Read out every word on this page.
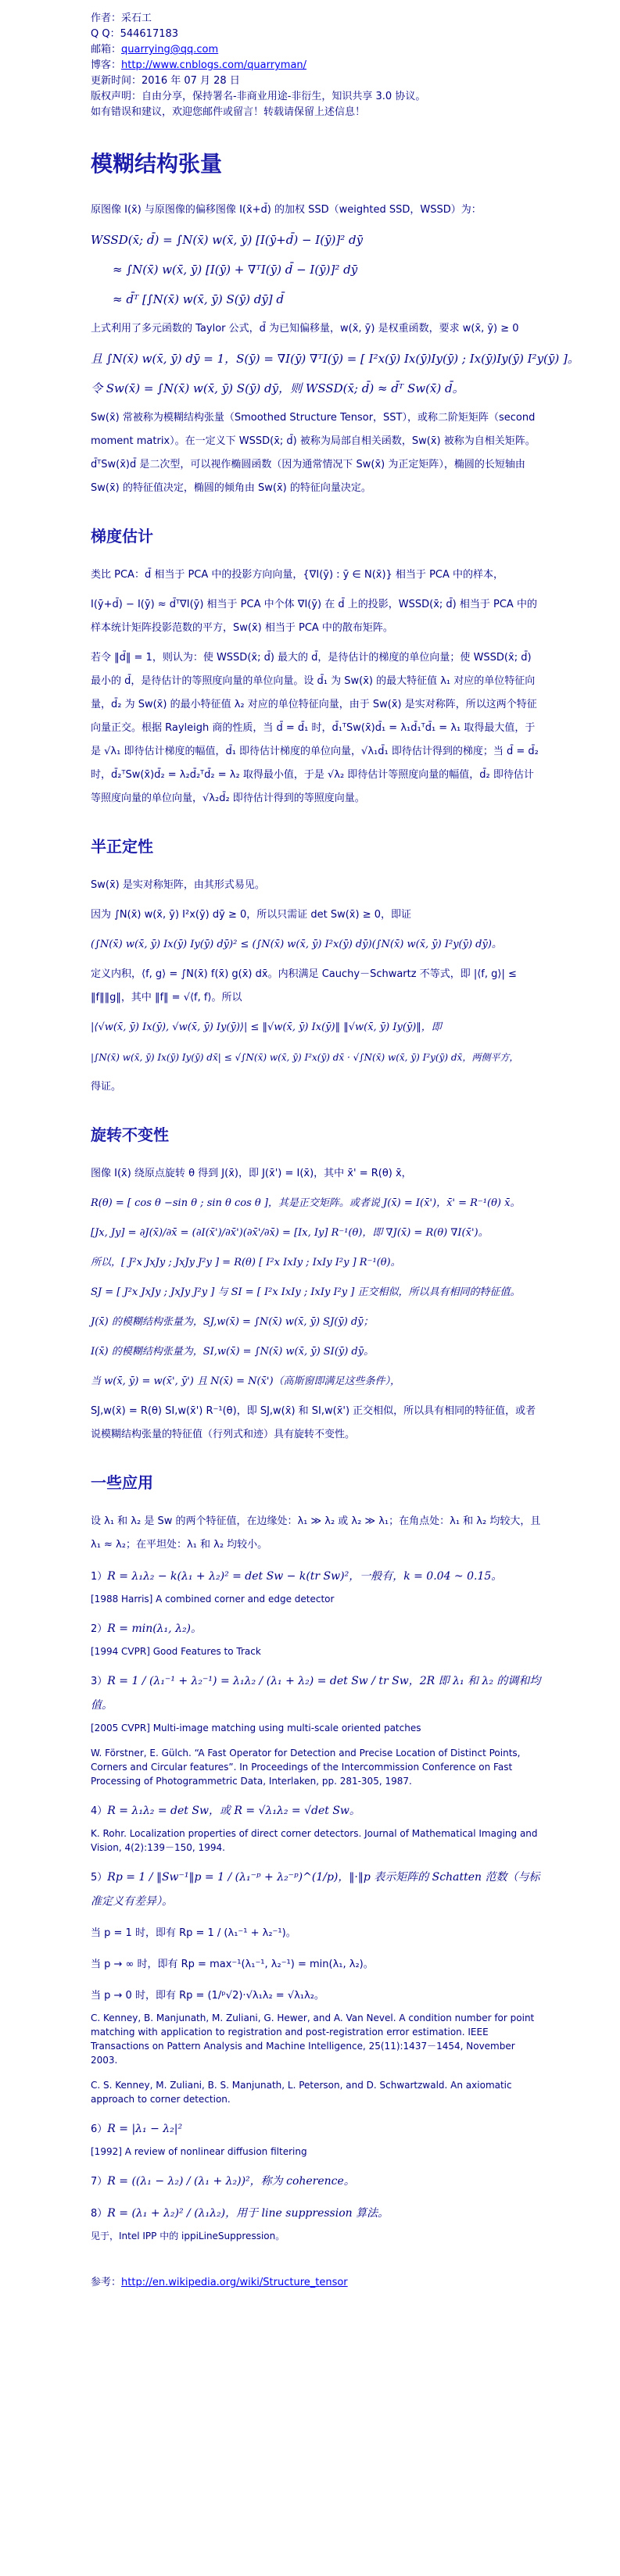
作者：采石工
Q Q：544617183
邮箱：quarrying@qq.com
博客：http://www.cnblogs.com/quarryman/
更新时间：2016 年 07 月 28 日
版权声明：自由分享，保持署名-非商业用途-非衍生，知识共享 3.0 协议。
如有错误和建议，欢迎您邮件或留言！转载请保留上述信息！
模糊结构张量

原图像 I(x̄) 与原图像的偏移图像 I(x̄+d̄) 的加权 SSD（weighted SSD，WSSD）为：

WSSD(x̄; d̄) = ∫N(x̄) w(x̄, ȳ) [I(ȳ+d̄) − I(ȳ)]² dȳ
≈ ∫N(x̄) w(x̄, ȳ) [I(ȳ) + ∇ᵀI(ȳ) d̄ − I(ȳ)]² dȳ
≈ d̄ᵀ [∫N(x̄) w(x̄, ȳ) S(ȳ) dȳ] d̄

上式利用了多元函数的 Taylor 公式，d̄ 为已知偏移量，w(x̄, ȳ) 是权重函数，要求 w(x̄, ȳ) ≥ 0

且 ∫N(x̄) w(x̄, ȳ) dȳ = 1，S(ȳ) = ∇I(ȳ) ∇ᵀI(ȳ) = [ I²x(ȳ) Ix(ȳ)Iy(ȳ) ; Ix(ȳ)Iy(ȳ) I²y(ȳ) ]。
令 Sw(x̄) = ∫N(x̄) w(x̄, ȳ) S(ȳ) dȳ，则 WSSD(x̄; d̄) ≈ d̄ᵀ Sw(x̄) d̄。

Sw(x̄) 常被称为模糊结构张量（Smoothed Structure Tensor，SST），或称二阶矩矩阵（second moment matrix）。在一定义下 WSSD(x̄; d̄) 被称为局部自相关函数，Sw(x̄) 被称为自相关矩阵。d̄ᵀSw(x̄)d̄ 是二次型，可以视作椭圆函数（因为通常情况下 Sw(x̄) 为正定矩阵），椭圆的长短轴由 Sw(x̄) 的特征值决定，椭圆的倾角由 Sw(x̄) 的特征向量决定。

梯度估计

类比 PCA：d̄ 相当于 PCA 中的投影方向向量，{∇I(ȳ) : ȳ ∈ N(x̄)} 相当于 PCA 中的样本，

I(ȳ+d̄) − I(ȳ) ≈ d̄ᵀ∇I(ȳ) 相当于 PCA 中个体 ∇I(ȳ) 在 d̄ 上的投影，WSSD(x̄; d̄) 相当于 PCA 中的样本统计矩阵投影范数的平方，Sw(x̄) 相当于 PCA 中的散布矩阵。

若令 ‖d̄‖ = 1，则认为：使 WSSD(x̄; d̄) 最大的 d̄，是待估计的梯度的单位向量；使 WSSD(x̄; d̄) 最小的 d̄，是待估计的等照度向量的单位向量。设 d̄₁ 为 Sw(x̄) 的最大特征值 λ₁ 对应的单位特征向量，d̄₂ 为 Sw(x̄) 的最小特征值 λ₂ 对应的单位特征向量，由于 Sw(x̄) 是实对称阵，所以这两个特征向量正交。根据 Rayleigh 商的性质，当 d̄ = d̄₁ 时，d̄₁ᵀSw(x̄)d̄₁ = λ₁d̄₁ᵀd̄₁ = λ₁ 取得最大值，于是 √λ₁ 即待估计梯度的幅值，d̄₁ 即待估计梯度的单位向量，√λ₁d̄₁ 即待估计得到的梯度；当 d̄ = d̄₂ 时，d̄₂ᵀSw(x̄)d̄₂ = λ₂d̄₂ᵀd̄₂ = λ₂ 取得最小值，于是 √λ₂ 即待估计等照度向量的幅值，d̄₂ 即待估计等照度向量的单位向量，√λ₂d̄₂ 即待估计得到的等照度向量。

半正定性

Sw(x̄) 是实对称矩阵，由其形式易见。

因为 ∫N(x̄) w(x̄, ȳ) I²x(ȳ) dȳ ≥ 0，所以只需证 det Sw(x̄) ≥ 0，即证

(∫N(x̄) w(x̄, ȳ) Ix(ȳ) Iy(ȳ) dȳ)² ≤ (∫N(x̄) w(x̄, ȳ) I²x(ȳ) dȳ)(∫N(x̄) w(x̄, ȳ) I²y(ȳ) dȳ)。

定义内积，⟨f, g⟩ = ∫N(x̄) f(x̄) g(x̄) dx̄。内积满足 Cauchy－Schwartz 不等式，即 |⟨f, g⟩| ≤ ‖f‖‖g‖，其中 ‖f‖ = √⟨f, f⟩。所以

|⟨√w(x̄, ȳ) Ix(ȳ), √w(x̄, ȳ) Iy(ȳ)⟩| ≤ ‖√w(x̄, ȳ) Ix(ȳ)‖ ‖√w(x̄, ȳ) Iy(ȳ)‖，即
|∫N(x̄) w(x̄, ȳ) Ix(ȳ) Iy(ȳ) dx̄| ≤ √∫N(x̄) w(x̄, ȳ) I²x(ȳ) dx̄ · √∫N(x̄) w(x̄, ȳ) I²y(ȳ) dx̄，两侧平方，

得证。

旋转不变性

图像 I(x̄) 绕原点旋转 θ 得到 J(x̄)，即 J(x̄') = I(x̄)，其中 x̄' = R(θ) x̄，

R(θ) = [ cos θ −sin θ ; sin θ cos θ ]，其是正交矩阵。或者说 J(x̄) = I(x̄')，x̄' = R⁻¹(θ) x̄。
[Jx, Jy] = ∂J(x̄)/∂x̄ = (∂I(x̄')/∂x̄')(∂x̄'/∂x̄) = [Ix, Iy] R⁻¹(θ)，即 ∇J(x̄) = R(θ) ∇I(x̄')。
所以，[ J²x JxJy ; JxJy J²y ] = R(θ) [ I²x IxIy ; IxIy I²y ] R⁻¹(θ)。
SJ = [ J²x JxJy ; JxJy J²y ] 与 SI = [ I²x IxIy ; IxIy I²y ] 正交相似，所以具有相同的特征值。
J(x̄) 的模糊结构张量为，SJ,w(x̄) = ∫N(x̄) w(x̄, ȳ) SJ(ȳ) dȳ；
I(x̄) 的模糊结构张量为，SI,w(x̄) = ∫N(x̄) w(x̄, ȳ) SI(ȳ) dȳ。
当 w(x̄, ȳ) = w(x̄', ȳ') 且 N(x̄) = N(x̄')（高斯窗即满足这些条件），

SJ,w(x̄) = R(θ) SI,w(x̄') R⁻¹(θ)，即 SJ,w(x̄) 和 SI,w(x̄') 正交相似，所以具有相同的特征值，或者说模糊结构张量的特征值（行列式和迹）具有旋转不变性。

一些应用

设 λ₁ 和 λ₂ 是 Sw 的两个特征值，在边缘处：λ₁ ≫ λ₂ 或 λ₂ ≫ λ₁；在角点处：λ₁ 和 λ₂ 均较大，且 λ₁ ≈ λ₂；在平坦处：λ₁ 和 λ₂ 均较小。

1）R = λ₁λ₂ − k(λ₁ + λ₂)² = det Sw − k(tr Sw)²，一般有，k = 0.04 ~ 0.15。
[1988 Harris] A combined corner and edge detector
2）R = min(λ₁, λ₂)。
[1994 CVPR] Good Features to Track
3）R = 1 / (λ₁⁻¹ + λ₂⁻¹) = λ₁λ₂ / (λ₁ + λ₂) = det Sw / tr Sw，2R 即 λ₁ 和 λ₂ 的调和均值。
[2005 CVPR] Multi-image matching using multi-scale oriented patches
W. Förstner, E. Gülch. “A Fast Operator for Detection and Precise Location of Distinct Points, Corners and Circular features”. In Proceedings of the Intercommission Conference on Fast Processing of Photogrammetric Data, Interlaken, pp. 281-305, 1987.
4）R = λ₁λ₂ = det Sw，或 R = √λ₁λ₂ = √det Sw。
K. Rohr. Localization properties of direct corner detectors. Journal of Mathematical Imaging and Vision, 4(2):139－150, 1994.
5）Rp = 1 / ‖Sw⁻¹‖p = 1 / (λ₁⁻ᵖ + λ₂⁻ᵖ)^(1/p)，‖·‖p 表示矩阵的 Schatten 范数（与标准定义有差异）。
当 p = 1 时，即有 Rp = 1 / (λ₁⁻¹ + λ₂⁻¹)。
当 p → ∞ 时，即有 Rp = max⁻¹(λ₁⁻¹, λ₂⁻¹) = min(λ₁, λ₂)。
当 p → 0 时，即有 Rp = (1/ᵖ√2)·√λ₁λ₂ = √λ₁λ₂。
C. Kenney, B. Manjunath, M. Zuliani, G. Hewer, and A. Van Nevel. A condition number for point matching with application to registration and post-registration error estimation. IEEE Transactions on Pattern Analysis and Machine Intelligence, 25(11):1437－1454, November 2003.
C. S. Kenney, M. Zuliani, B. S. Manjunath, L. Peterson, and D. Schwartzwald. An axiomatic approach to corner detection.
6）R = |λ₁ − λ₂|²
[1992] A review of nonlinear diffusion filtering
7）R = ((λ₁ − λ₂) / (λ₁ + λ₂))²，称为 coherence。
8）R = (λ₁ + λ₂)² / (λ₁λ₂)，用于 line suppression 算法。
见于，Intel IPP 中的 ippiLineSuppression。
参考：http://en.wikipedia.org/wiki/Structure_tensor
